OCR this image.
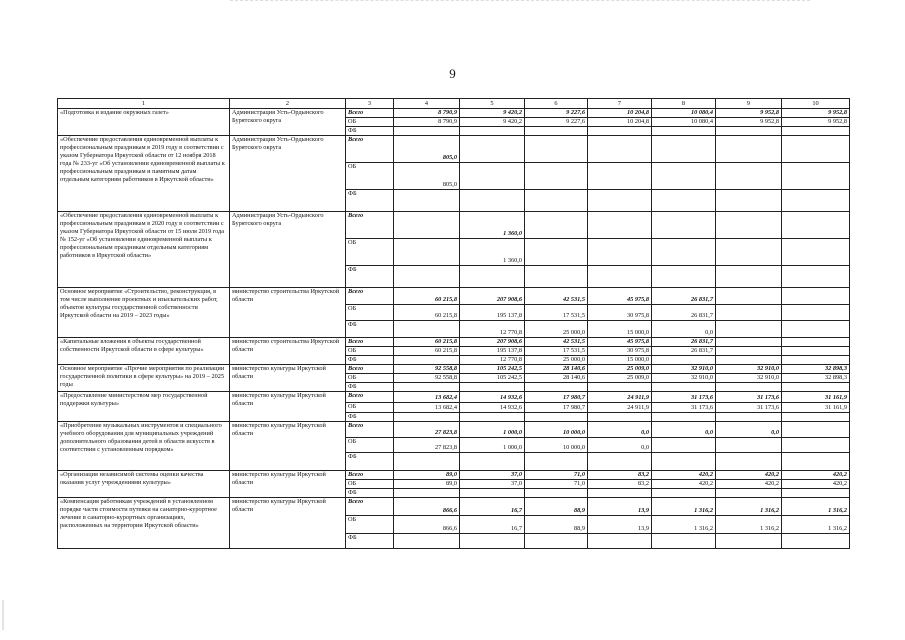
9
1	2	3	4	5	6	7	8	9	10
«Подготовка и издание окружных газет»	Администрация Усть-Ордынского Бурятского округа	Всего	8 790,9	9 420,2	9 227,6	10 204,8	10 080,4	9 952,8	9 952,8
		ОБ	8 790,9	9 420,2	9 227,6	10 204,8	10 080,4	9 952,8	9 952,8
		ФБ							
«Обеспечение предоставления единовременной выплаты к профессиональным праздникам в 2019 году в соответствии с указом Губернатора Иркутской области от 12 ноября 2018 года № 233-уг «Об установлении единовременной выплаты к профессиональным праздникам и памятным датам отдельным категориям работников в Иркутской области»	Администрация Усть-Ордынского Бурятского округа	Всего	805,0						
		ОБ	805,0						
		ФБ							
«Обеспечение предоставления единовременной выплаты к профессиональным праздникам в 2020 году в соответствии с указом Губернатора Иркутской области от 15 июля 2019 года № 152-уг «Об установлении единовременной выплаты к профессиональным праздникам отдельным категориям работников в Иркутской области»	Администрация Усть-Ордынского Бурятского округа	Всего		1 360,0					
		ОБ		1 360,0					
		ФБ							
Основное мероприятие «Строительство, реконструкция, в том числе выполнение проектных и изыскательских работ, объектов культуры государственной собственности Иркутской области на 2019 – 2023 годы»	министерство строительства Иркутской области	Всего	60 215,8	207 908,6	42 531,5	45 975,8	26 831,7		
		ОБ	60 215,8	195 137,8	17 531,5	30 975,8	26 831,7		
		ФБ		12 770,8	25 000,0	15 000,0	0,0		
«Капитальные вложения в объекты государственной собственности Иркутской области в сфере культуры»	министерство строительства Иркутской области	Всего	60 215,8	207 908,6	42 531,5	45 975,8	26 831,7		
		ОБ	60 215,8	195 137,8	17 531,5	30 975,8	26 831,7		
		ФБ		12 770,8	25 000,0	15 000,0			
Основное мероприятие «Прочие мероприятия по реализации государственной политики в сфере культуры» на 2019 – 2025 годы	министерство культуры Иркутской области	Всего	92 558,8	105 242,5	28 140,6	25 009,0	32 910,0	32 910,0	32 898,3
		ОБ	92 558,8	105 242,5	28 140,6	25 009,0	32 910,0	32 910,0	32 898,3
		ФБ							
«Предоставление министерством мер государственной поддержки культуры»	министерство культуры Иркутской области	Всего	13 682,4	14 932,6	17 980,7	24 911,9	31 173,6	31 173,6	31 161,9
		ОБ	13 682,4	14 932,6	17 980,7	24 911,9	31 173,6	31 173,6	31 161,9
		ФБ							
«Приобретение музыкальных инструментов и специального учебного оборудования для муниципальных учреждений дополнительного образования детей в области искусств в соответствии с установленным порядком»	министерство культуры Иркутской области	Всего	27 823,8	1 000,0	10 000,0	0,0	0,0	0,0	
		ОБ	27 823,8	1 000,0	10 000,0	0,0			
		ФБ							
«Организация независимой системы оценки качества оказания услуг учреждениями культуры»	министерство культуры Иркутской области	Всего	89,0	37,0	71,0	83,2	420,2	420,2	420,2
		ОБ	89,0	37,0	71,0	83,2	420,2	420,2	420,2
		ФБ							
«Компенсация работникам учреждений в установленном порядке части стоимости путевки на санаторно-курортное лечение в санаторно-курортных организациях, расположенных на территории Иркутской области»	министерство культуры Иркутской области	Всего	866,6	16,7	88,9	13,9	1 316,2	1 316,2	1 316,2
		ОБ	866,6	16,7	88,9	13,9	1 316,2	1 316,2	1 316,2
		ФБ							
